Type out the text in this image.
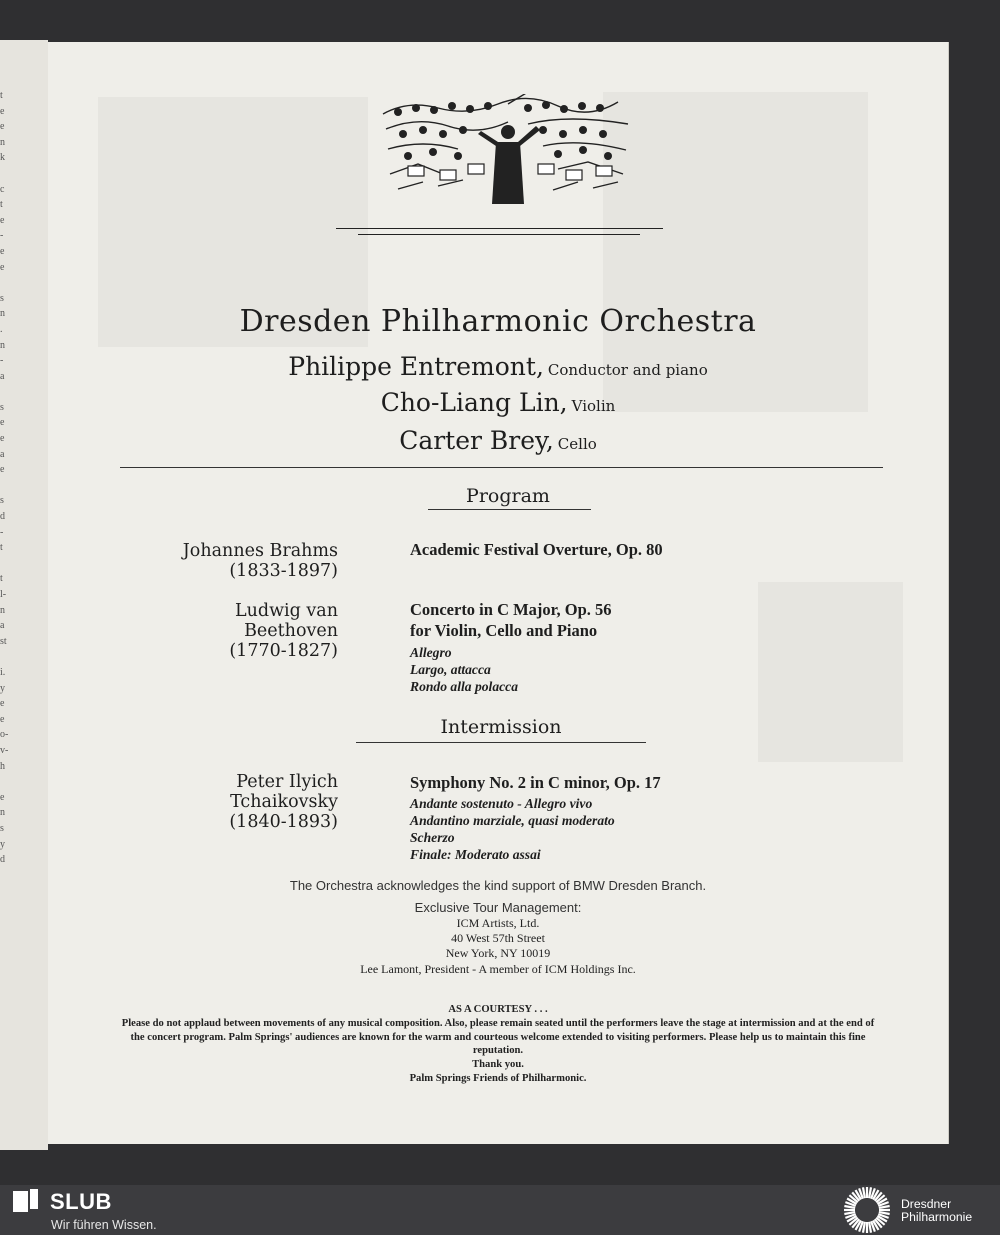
t
e
e
n
k
c
t
e
-
e
e
s
n
.
n
-
a
s
e
e
a
e
s
d
-
t
t
l-
n
a
st
i.
y
e
e
o-
v-
h
e
n
s
y
d
Dresden Philharmonic Orchestra
Philippe Entremont, Conductor and piano
Cho-Liang Lin, Violin
Carter Brey, Cello
Program
Johannes Brahms
(1833-1897)
Academic Festival Overture, Op. 80
Ludwig van
Beethoven
(1770-1827)
Concerto in C Major, Op. 56
for Violin, Cello and Piano
Allegro
Largo, attacca
Rondo alla polacca
Intermission
Peter Ilyich
Tchaikovsky
(1840-1893)
Symphony No. 2 in C minor, Op. 17
Andante sostenuto - Allegro vivo
Andantino marziale, quasi moderato
Scherzo
Finale: Moderato assai
The Orchestra acknowledges the kind support of BMW Dresden Branch.
Exclusive Tour Management:
ICM Artists, Ltd.
40 West 57th Street
New York, NY 10019
Lee Lamont, President - A member of ICM Holdings Inc.
AS A COURTESY . . .
Please do not applaud between movements of any musical composition. Also, please remain seated until the performers leave the stage at intermission and at the end of the concert program. Palm Springs' audiences are known for the warm and courteous welcome extended to visiting performers. Please help us to maintain this fine reputation.
Thank you.
Palm Springs Friends of Philharmonic.
SLUB
Wir führen Wissen.
Dresdner
Philharmonie
